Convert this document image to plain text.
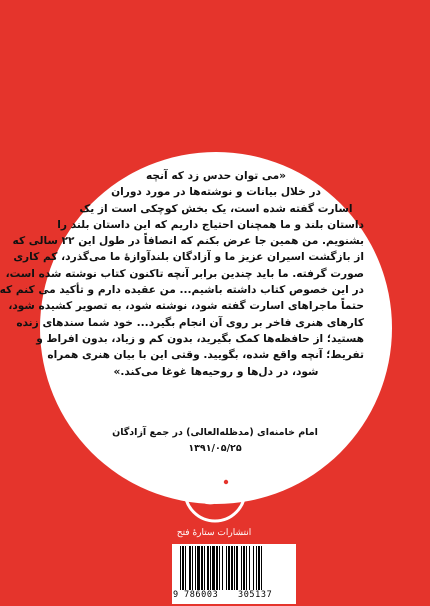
«می توان حدس زد که آنچه
در خلال بیانات و نوشته‌ها در مورد دوران
اسارت گفته شده است، یک بخش کوچکی است از یک
داستان بلند و ما همچنان احتیاج داریم که این داستان بلند را
بشنویم. من همین جا عرض بکنم که انصافاً در طول این ۲۲ سالی که
از بازگشت اسیران عزیز ما و آزادگان بلندآوازهٔ ما می‌گذرد، کم کاری
صورت گرفته. ما باید چندین برابر آنچه تاکنون کتاب نوشته شده است،
در این خصوص کتاب داشته باشیم... من عقیده دارم و تأکید می کنم که
حتماً ماجراهای اسارت گفته شود، نوشته شود، به تصویر کشیده شود،
کارهای هنری فاخر بر روی آن انجام بگیرد... خود شما سندهای زنده
هستید؛ از حافظه‌ها کمک بگیرید، بدون کم و زیاد، بدون افراط و
تفریط؛ آنچه واقع شده، بگویید. وقتی این با بیان هنری همراه
شود، در دل‌ها و روحیه‌ها غوغا می‌کند.»
امام خامنه‌ای (مدظله‌العالی) در جمع آزادگان
۱۳۹۱/۰۵/۲۵
انتشارات ستارهٔ فتح
9 786003 305137
